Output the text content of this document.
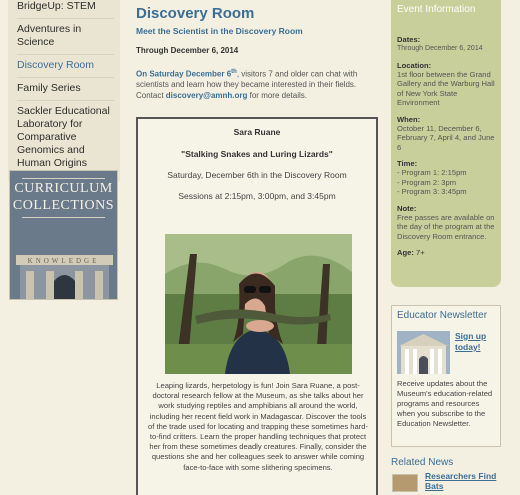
BridgeUp: STEM
Adventures in Science
Discovery Room
Family Series
Sackler Educational Laboratory for Comparative Genomics and Human Origins
CURRICULUM
COLLECTIONS
KNOWLEDGE
Discovery Room
Meet the Scientist in the Discovery Room
Through December 6, 2014

On Saturday December 6th, visitors 7 and older can chat with scientists and learn how they became interested in their fields. Contact discovery@amnh.org for more details.

Sara Ruane
"Stalking Snakes and Luring Lizards"
Saturday, December 6th in the Discovery Room
Sessions at 2:15pm, 3:00pm, and 3:45pm

Leaping lizards, herpetology is fun! Join Sara Ruane, a post-doctoral research fellow at the Museum, as she talks about her work studying reptiles and amphibians all around the world, including her recent field work in Madagascar. Discover the tools of the trade used for locating and trapping these sometimes hard-to-find critters. Learn the proper handling techniques that protect her from these sometimes deadly creatures. Finally, consider the questions she and her colleagues seek to answer while coming face-to-face with some slithering specimens.

Event Information
Dates:
Through December 6, 2014
Location:
1st floor between the Grand Gallery and the Warburg Hall of New York State Environment
When:
October 11, December 6, February 7, April 4, and June 6
Time:
- Program 1: 2:15pm
- Program 2: 3pm
- Program 3: 3:45pm
Note:
Free passes are available on the day of the program at the Discovery Room entrance.
Age: 7+
Educator Newsletter
Sign up today!

Receive updates about the Museum's education-related programs and resources when you subscribe to the Education Newsletter.

Related News
Researchers Find Bats
